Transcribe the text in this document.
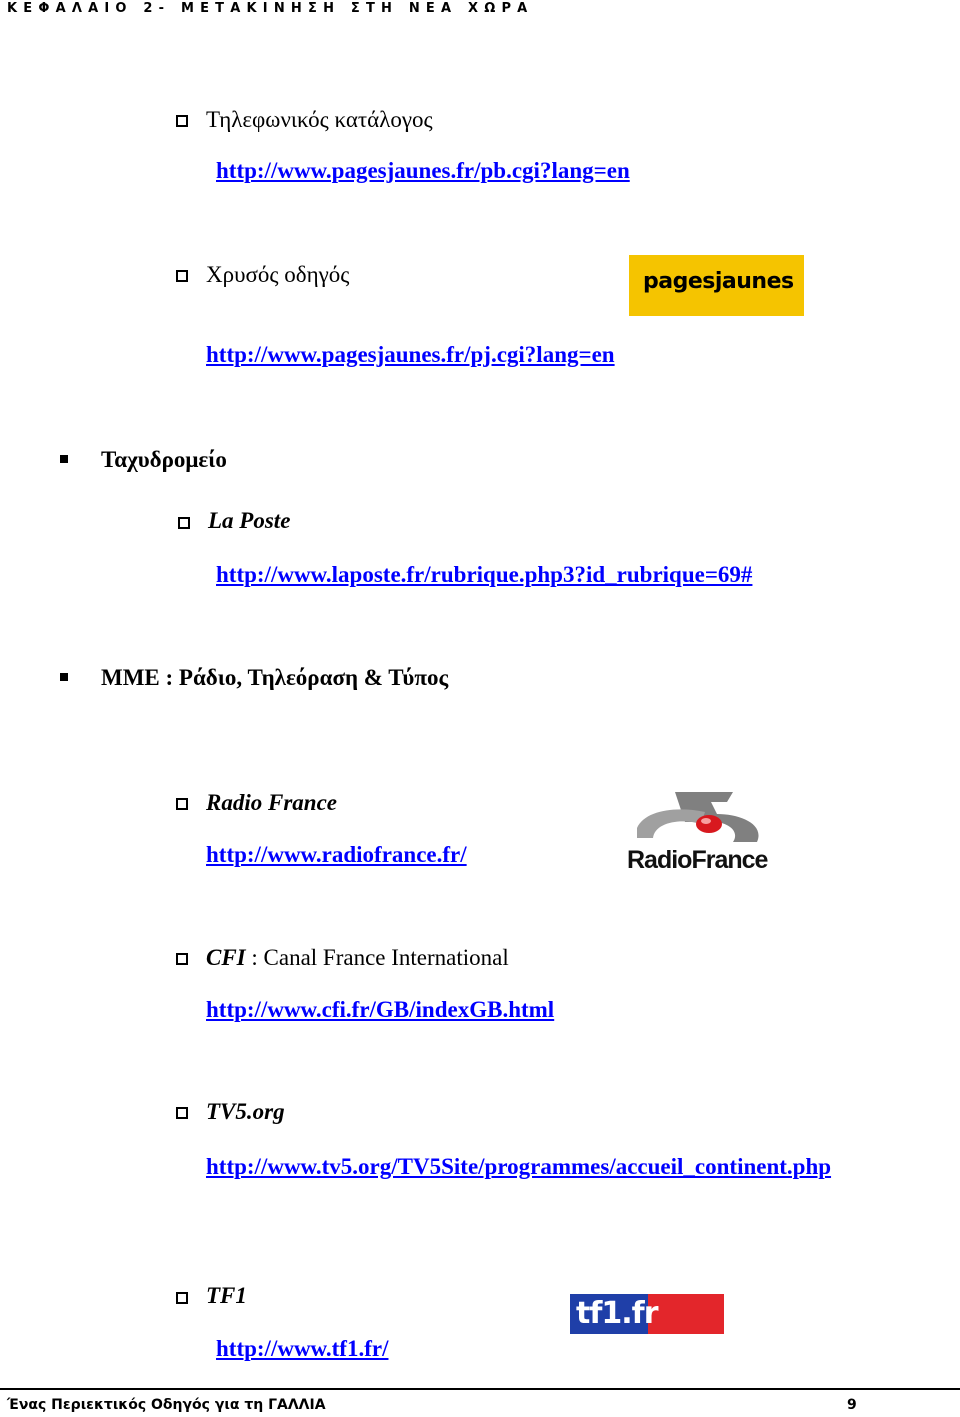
ΚΕΦΑΛΑΙΟ 2- ΜΕΤΑΚΙΝΗΣΗ ΣΤΗ ΝΕΑ ΧΩΡΑ
Τηλεφωνικός κατάλογος
http://www.pagesjaunes.fr/pb.cgi?lang=en
Χρυσός οδηγός	pagesjaunes
http://www.pagesjaunes.fr/pj.cgi?lang=en
Ταχυδρομείο
La Poste
http://www.laposte.fr/rubrique.php3?id_rubrique=69#
ΜΜΕ : Ράδιο, Τηλεόραση & Τύπος
Radio France
http://www.radiofrance.fr/	RadioFrance
CFI : Canal France International
http://www.cfi.fr/GB/indexGB.html
TV5.org
http://www.tv5.org/TV5Site/programmes/accueil_continent.php
TF1
tf1.fr
http://www.tf1.fr/
Ένας Περιεκτικός Οδηγός για τη ΓΑΛΛΙΑ	9
